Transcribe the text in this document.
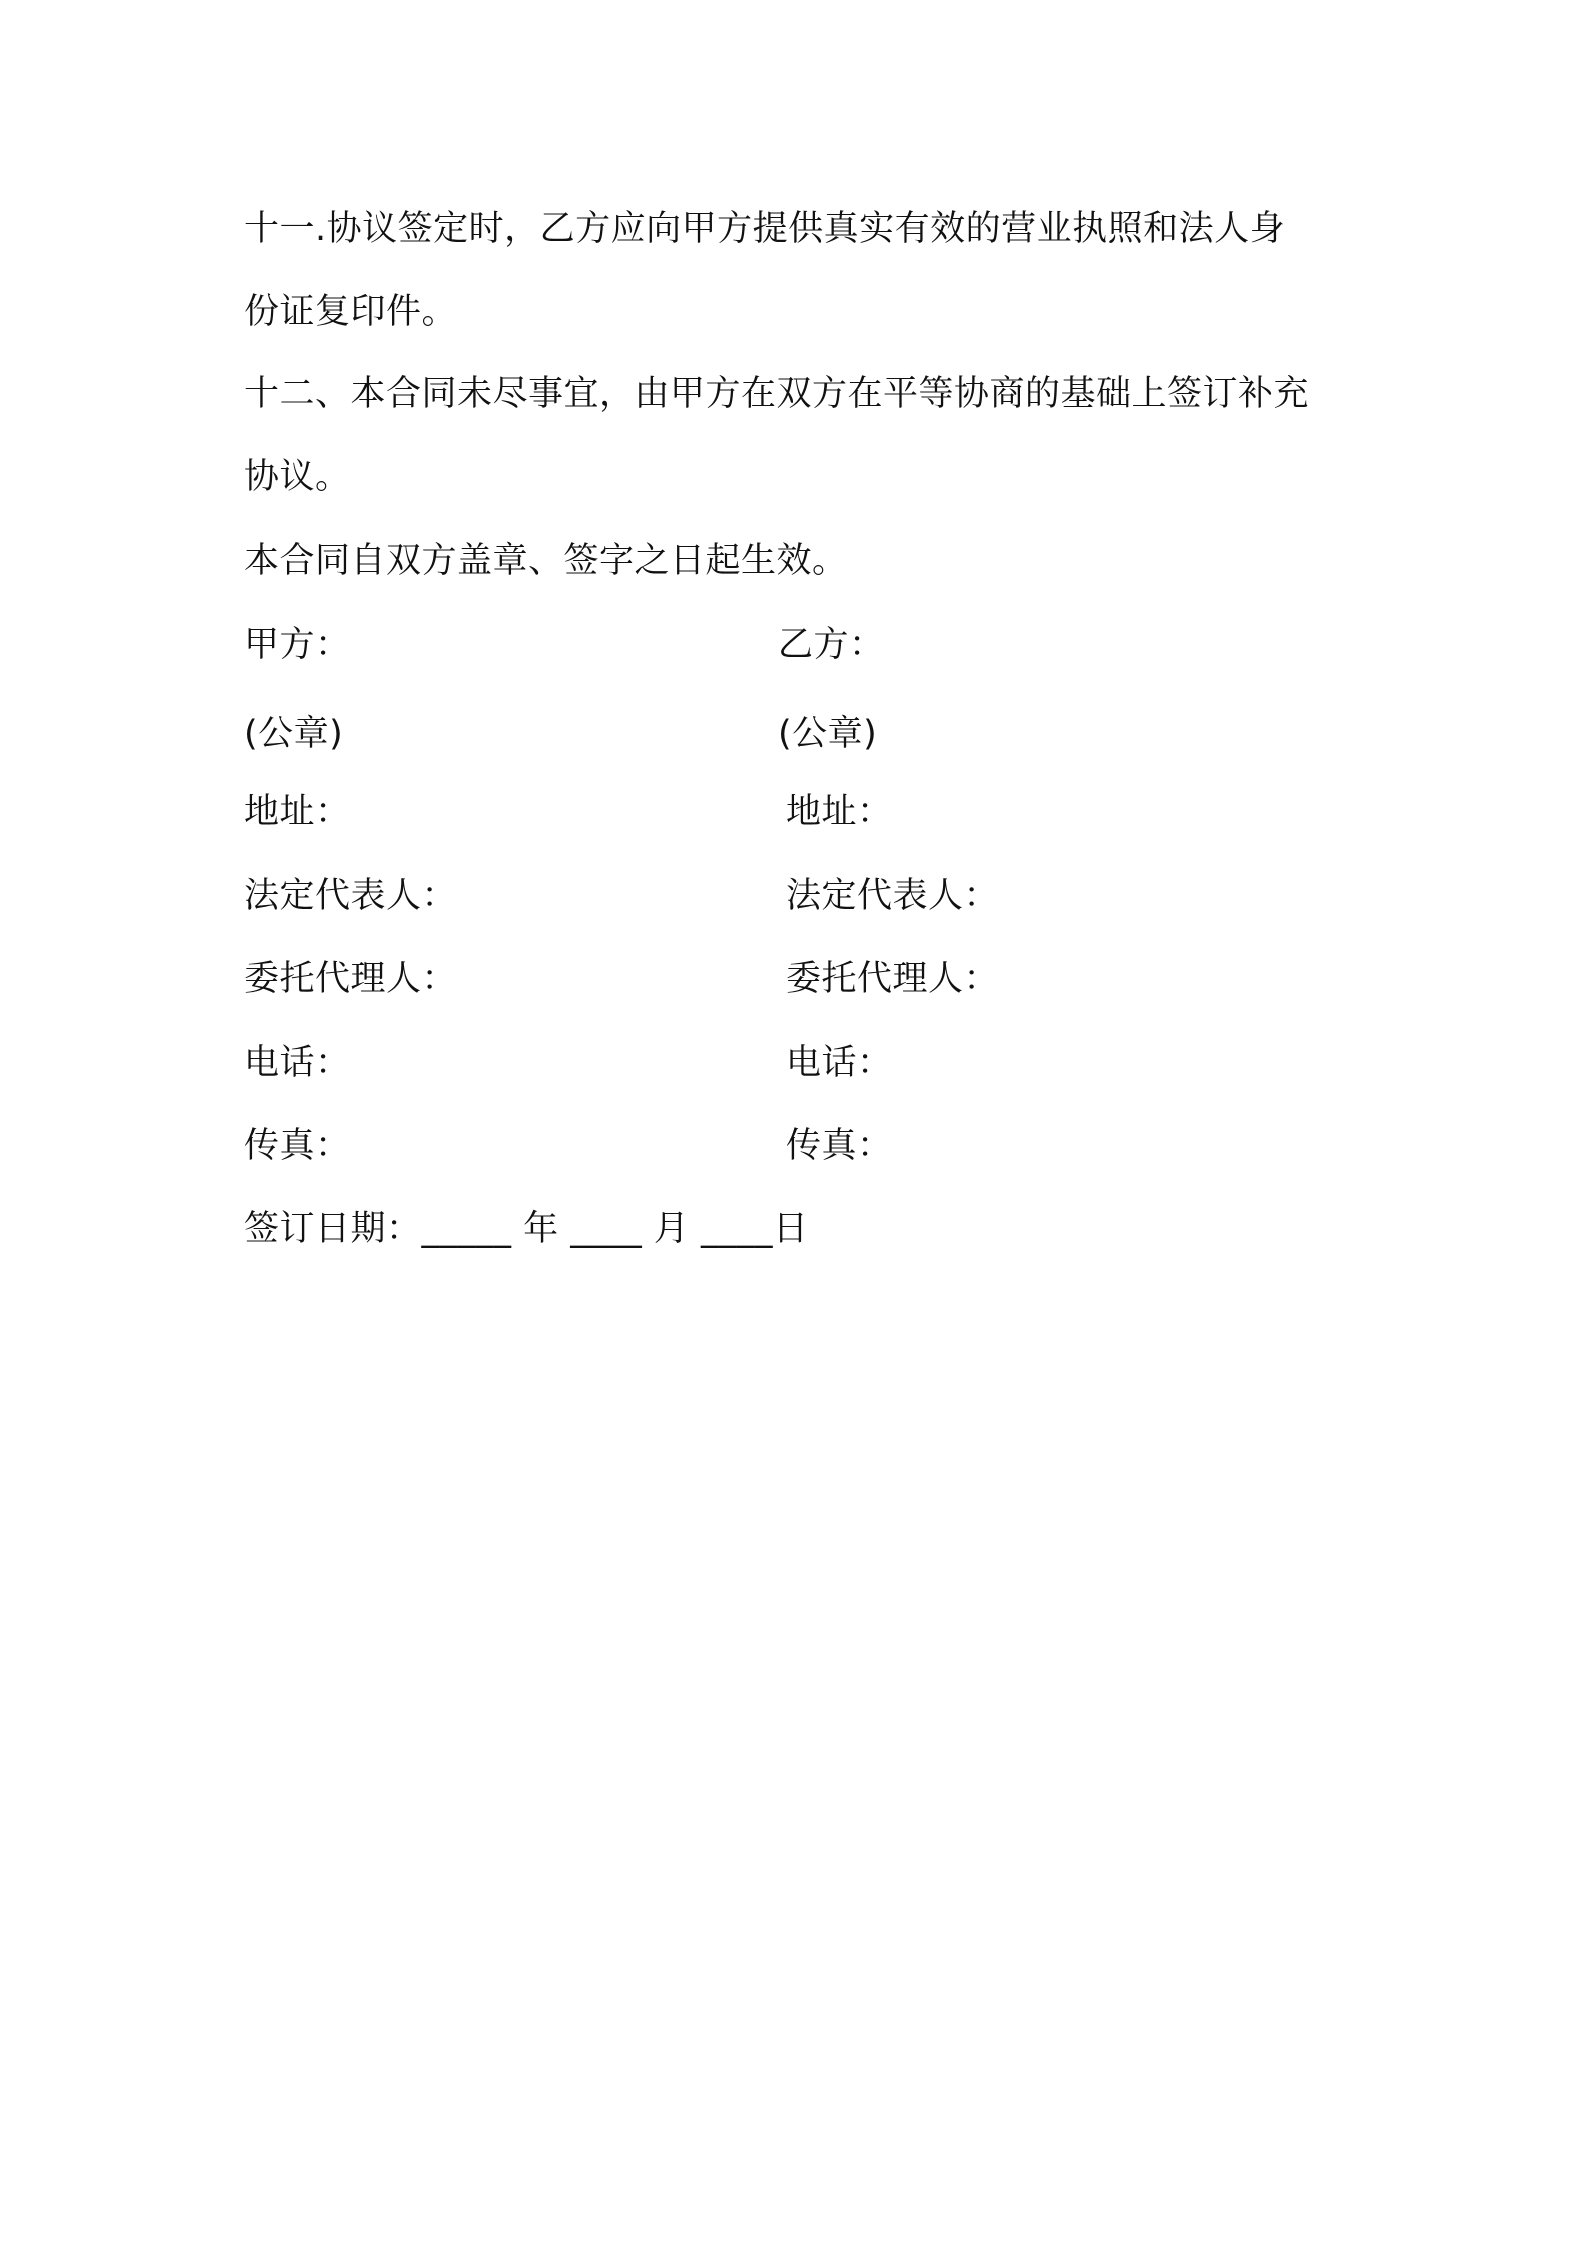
十一.协议签定时，乙方应向甲方提供真实有效的营业执照和法人身
份证复印件。
十二、本合同未尽事宜，由甲方在双方在平等协商的基础上签订补充
协议。
本合同自双方盖章、签字之日起生效。
甲方：
(公章)
地址：
法定代表人：
委托代理人：
电话：
传真：
乙方：
(公章)
地址：
法定代表人：
委托代理人：
电话：
传真：
签订日期：_____ 年 ____ 月 ____日
